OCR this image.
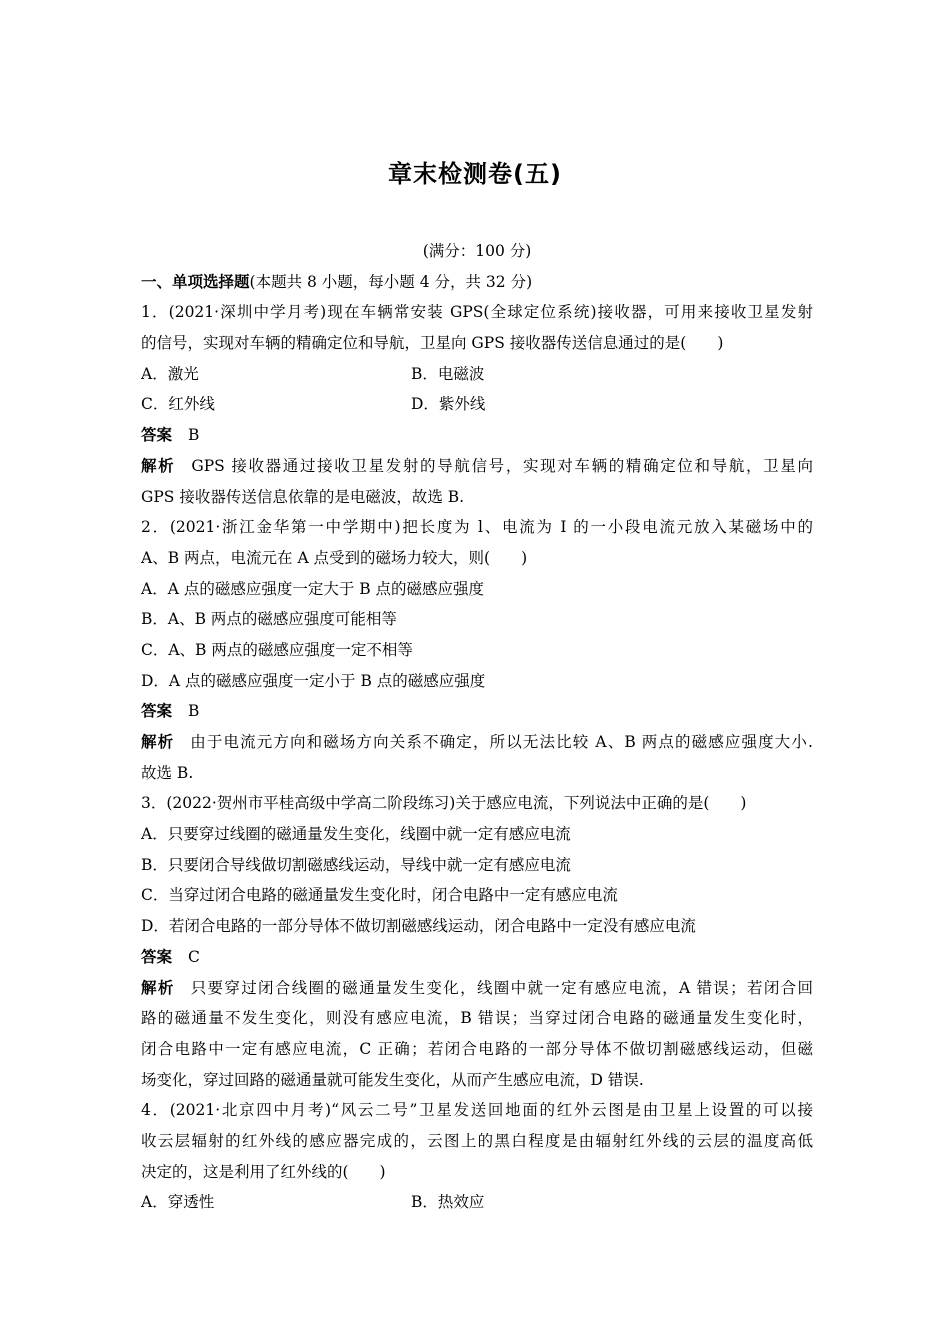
章末检测卷(五)
(满分：100 分)
一、单项选择题(本题共 8 小题，每小题 4 分，共 32 分)
1．(2021·深圳中学月考)现在车辆常安装 GPS(全球定位系统)接收器，可用来接收卫星发射
的信号，实现对车辆的精确定位和导航，卫星向 GPS 接收器传送信息通过的是(　　)
A．激光	B．电磁波
C．红外线	D．紫外线
答案 B
解析 GPS 接收器通过接收卫星发射的导航信号，实现对车辆的精确定位和导航，卫星向
GPS 接收器传送信息依靠的是电磁波，故选 B.
2．(2021·浙江金华第一中学期中)把长度为 l、电流为 I 的一小段电流元放入某磁场中的
A、B 两点，电流元在 A 点受到的磁场力较大，则(　　)
A．A 点的磁感应强度一定大于 B 点的磁感应强度
B．A、B 两点的磁感应强度可能相等
C．A、B 两点的磁感应强度一定不相等
D．A 点的磁感应强度一定小于 B 点的磁感应强度
答案 B
解析 由于电流元方向和磁场方向关系不确定，所以无法比较 A、B 两点的磁感应强度大小.
故选 B.
3．(2022·贺州市平桂高级中学高二阶段练习)关于感应电流，下列说法中正确的是(　　)
A．只要穿过线圈的磁通量发生变化，线圈中就一定有感应电流
B．只要闭合导线做切割磁感线运动，导线中就一定有感应电流
C．当穿过闭合电路的磁通量发生变化时，闭合电路中一定有感应电流
D．若闭合电路的一部分导体不做切割磁感线运动，闭合电路中一定没有感应电流
答案 C
解析 只要穿过闭合线圈的磁通量发生变化，线圈中就一定有感应电流，A 错误；若闭合回
路的磁通量不发生变化，则没有感应电流，B 错误；当穿过闭合电路的磁通量发生变化时，
闭合电路中一定有感应电流，C 正确；若闭合电路的一部分导体不做切割磁感线运动，但磁
场变化，穿过回路的磁通量就可能发生变化，从而产生感应电流，D 错误.
4．(2021·北京四中月考)“风云二号”卫星发送回地面的红外云图是由卫星上设置的可以接
收云层辐射的红外线的感应器完成的，云图上的黑白程度是由辐射红外线的云层的温度高低
决定的，这是利用了红外线的(　　)
A．穿透性	B．热效应
